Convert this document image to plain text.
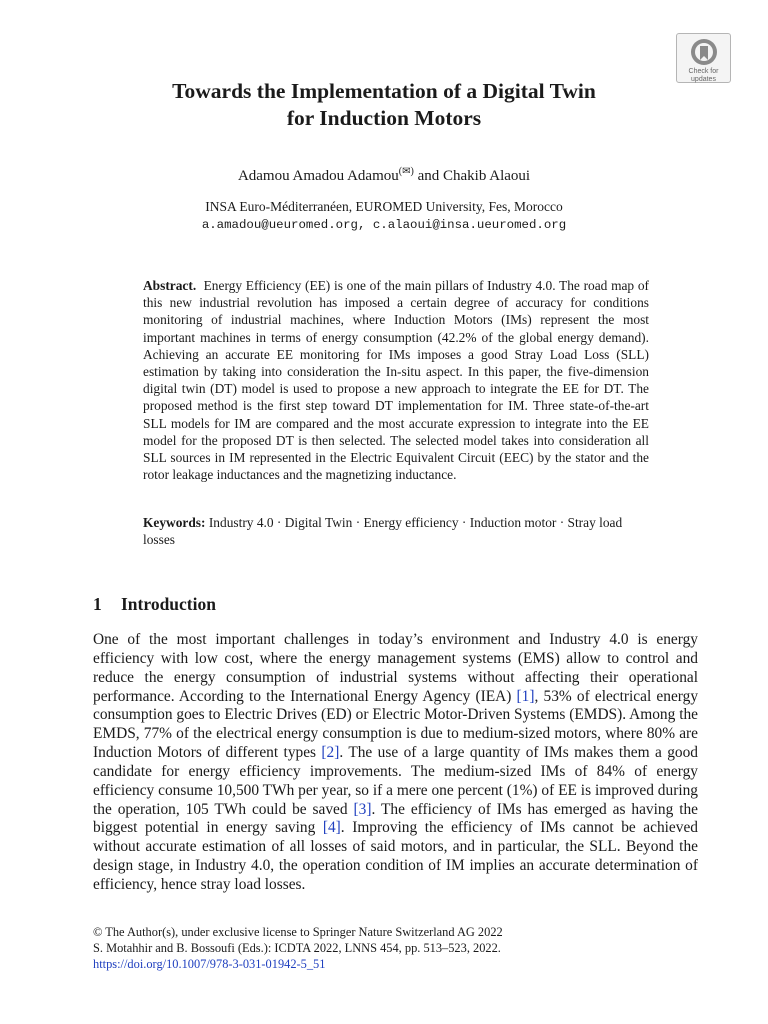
Check for
updates
Towards the Implementation of a Digital Twin
for Induction Motors
Adamou Amadou Adamou(✉) and Chakib Alaoui
INSA Euro-Méditerranéen, EUROMED University, Fes, Morocco
a.amadou@ueuromed.org, c.alaoui@insa.ueuromed.org

Abstract. Energy Efficiency (EE) is one of the main pillars of Industry 4.0. The road map of this new industrial revolution has imposed a certain degree of accuracy for conditions monitoring of industrial machines, where Induction Motors (IMs) represent the most important machines in terms of energy consumption (42.2% of the global energy demand). Achieving an accurate EE monitoring for IMs imposes a good Stray Load Loss (SLL) estimation by taking into consideration the In-situ aspect. In this paper, the five-dimension digital twin (DT) model is used to propose a new approach to integrate the EE for DT. The proposed method is the first step toward DT implementation for IM. Three state-of-the-art SLL models for IM are compared and the most accurate expression to integrate into the EE model for the proposed DT is then selected. The selected model takes into consideration all SLL sources in IM represented in the Electric Equivalent Circuit (EEC) by the stator and the rotor leakage inductances and the magnetizing inductance.

Keywords: Industry 4.0 · Digital Twin · Energy efficiency · Induction motor · Stray load losses

1 Introduction

One of the most important challenges in today’s environment and Industry 4.0 is energy efficiency with low cost, where the energy management systems (EMS) allow to control and reduce the energy consumption of industrial systems without affecting their operational performance. According to the International Energy Agency (IEA) [1], 53% of electrical energy consumption goes to Electric Drives (ED) or Electric Motor-Driven Systems (EMDS). Among the EMDS, 77% of the electrical energy consumption is due to medium-sized motors, where 80% are Induction Motors of different types [2]. The use of a large quantity of IMs makes them a good candidate for energy efficiency improvements. The medium-sized IMs of 84% of energy efficiency consume 10,500 TWh per year, so if a mere one percent (1%) of EE is improved during the operation, 105 TWh could be saved [3]. The efficiency of IMs has emerged as having the biggest potential in energy saving [4]. Improving the efficiency of IMs cannot be achieved without accurate estimation of all losses of said motors, and in particular, the SLL. Beyond the design stage, in Industry 4.0, the operation condition of IM implies an accurate determination of efficiency, hence stray load losses.

© The Author(s), under exclusive license to Springer Nature Switzerland AG 2022
S. Motahhir and B. Bossoufi (Eds.): ICDTA 2022, LNNS 454, pp. 513–523, 2022.
https://doi.org/10.1007/978-3-031-01942-5_51
